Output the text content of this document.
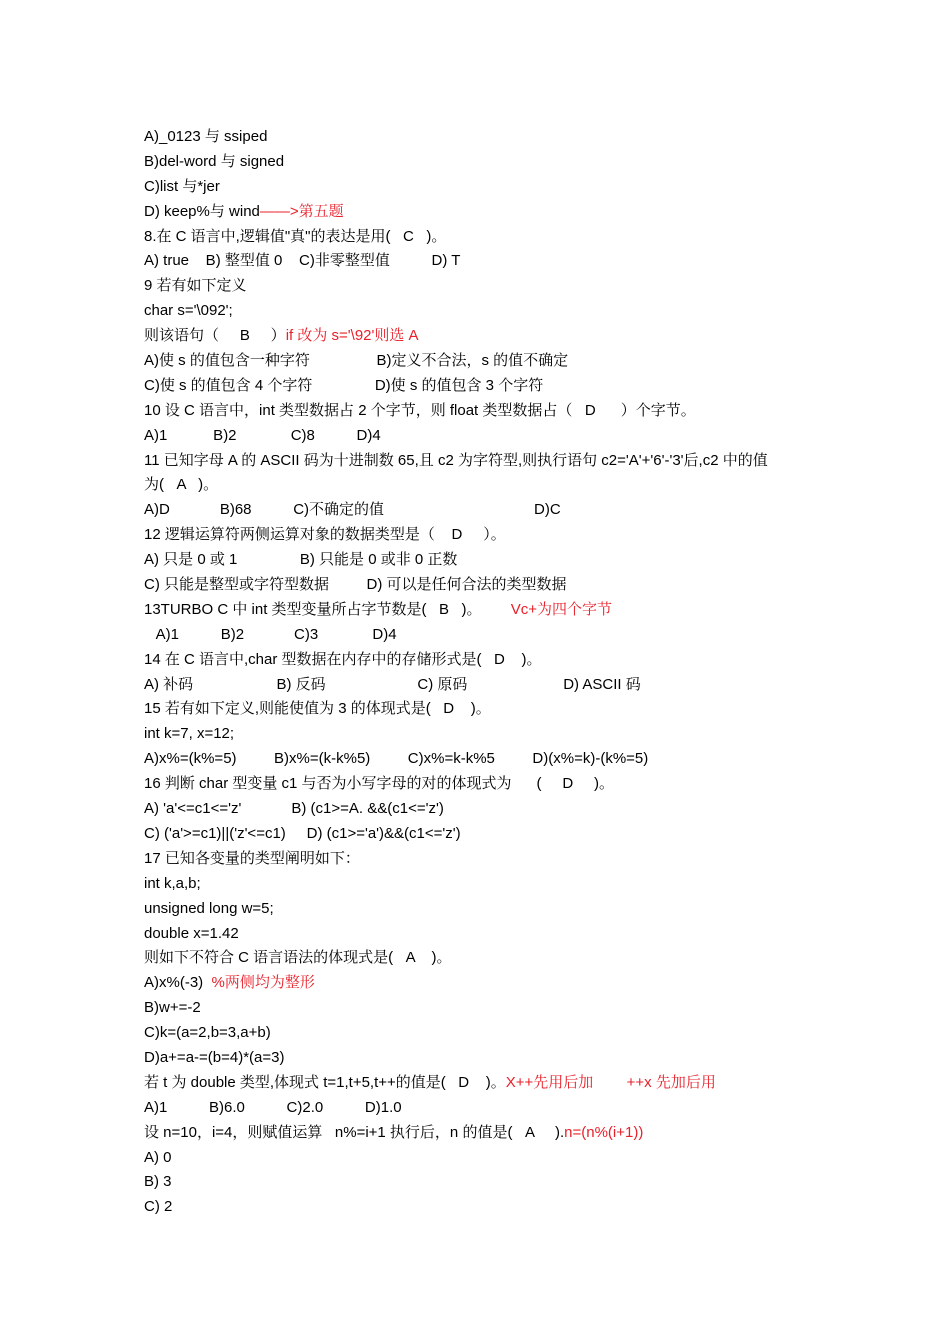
A)_0123 与 ssiped
B)del-word 与 signed
C)list 与*jer
D) keep%与 wind——>第五题
8.在 C 语言中,逻辑值"真"的表达是用(   C   )。
A) true    B) 整型值 0    C)非零整型值          D) T
9 若有如下定义
char s='\092';
则该语句（     B     ）if 改为 s='\92'则选 A
A)使 s 的值包含一种字符                B)定义不合法，s 的值不确定
C)使 s 的值包含 4 个字符               D)使 s 的值包含 3 个字符
10 设 C 语言中，int 类型数据占 2 个字节，则 float 类型数据占（   D      ）个字节。
A)1           B)2             C)8          D)4
11 已知字母 A 的 ASCII 码为十进制数 65,且 c2 为字符型,则执行语句 c2='A'+'6'-'3'后,c2 中的值
为(   A   )。
A)D            B)68          C)不确定的值                                    D)C
12 逻辑运算符两侧运算对象的数据类型是（    D     ）。
A) 只是 0 或 1               B) 只能是 0 或非 0 正数
C) 只能是整型或字符型数据         D) 可以是任何合法的类型数据
13TURBO C 中 int 类型变量所占字节数是(   B   )。       Vc+为四个字节
A)1          B)2            C)3             D)4
14 在 C 语言中,char 型数据在内存中的存储形式是(   D    )。
A) 补码                    B) 反码                      C) 原码                       D) ASCII 码
15 若有如下定义,则能使值为 3 的体现式是(   D    )。
int k=7, x=12;
A)x%=(k%=5)         B)x%=(k-k%5)         C)x%=k-k%5         D)(x%=k)-(k%=5)
16 判断 char 型变量 c1 与否为小写字母的对的体现式为      (     D     )。
A) 'a'<=c1<='z'            B) (c1>=A. &&(c1<='z')
C) ('a'>=c1)||('z'<=c1)     D) (c1>='a')&&(c1<='z')
17 已知各变量的类型阐明如下：
int k,a,b;
unsigned long w=5;
double x=1.42
则如下不符合 C 语言语法的体现式是(   A    )。
A)x%(-3)  %两侧均为整形
B)w+=-2
C)k=(a=2,b=3,a+b)
D)a+=a-=(b=4)*(a=3)
若 t 为 double 类型,体现式 t=1,t+5,t++的值是(   D    )。X++先用后加        ++x 先加后用
A)1          B)6.0          C)2.0          D)1.0
设 n=10，i=4，则赋值运算   n%=i+1 执行后，n 的值是(   A     ).n=(n%(i+1))
A) 0
B) 3
C) 2
